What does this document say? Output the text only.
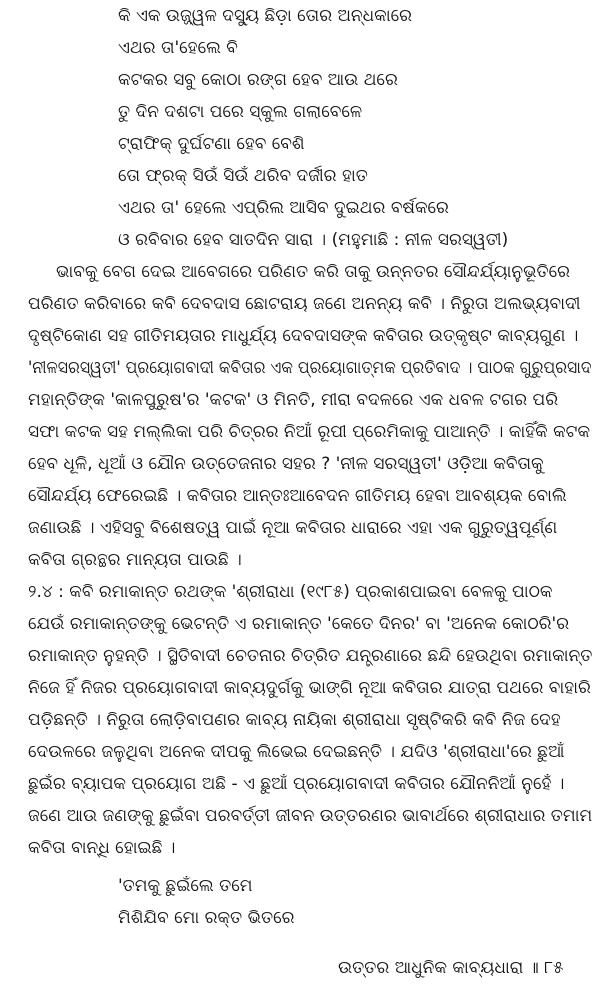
କି ଏକ ଉଜ୍ଜ୍ୱଳ ଦସ୍ୟୁ ଛିଡ଼ା ତୋର ଅନ୍ଧକାରେ
ଏଥର ତା'ହେଲେ ବି
କଟକର ସବୁ କୋଠା ରଙ୍ଗ ହେବ ଆଉ ଥରେ
ତୁ ଦିନ ଦଶଟା ପରେ ସ୍କୁଲ ଗଲାବେଳେ
ଟ୍ରାଫିକ୍ ଦୁର୍ଘଟଣା ହେବ ବେଶି
ତୋ ଫ୍ରକ୍ ସିଉଁ ସିଉଁ ଥରିବ ଦର୍ଜୀର ହାତ
ଏଥର ତା' ହେଲେ ଏପ୍ରିଲ ଆସିବ ଦୁଇଥର ବର୍ଷକରେ
ଓ ରବିବାର ହେବ ସାତଦିନ ସାରା । (ମହୁମାଛି : ନୀଳ ସରସ୍ୱତୀ)
ଭାବକୁ ବେଗ ଦେଇ ଆବେଗରେ ପରିଣତ କରି ତାକୁ ଉନ୍ନତର ସୌନ୍ଦର୍ଯ୍ୟାନୁଭୂତିରେ
ପରିଣତ କରିବାରେ କବି ଦେବଦାସ ଛୋଟରାୟ ଜଣେ ଅନନ୍ୟ କବି । ନିରୁତା ଅଲଭ୍ୟବାଦୀ
ଦୃଷ୍ଟିକୋଣ ସହ ଗୀତିମୟତାର ମାଧୁର୍ଯ୍ୟ ଦେବଦାସଙ୍କ କବିତାର ଉତ୍କୃଷ୍ଟ କାବ୍ୟଗୁଣ ।
'ନୀଳସରସ୍ୱତୀ' ପ୍ରୟୋଗବାଦୀ କବିତାର ଏକ ପ୍ରୟୋଗାତ୍ମକ ପ୍ରତିବାଦ । ପାଠକ ଗୁରୁପ୍ରସାଦ
ମହାନ୍ତିଙ୍କ 'କାଳପୁରୁଷ'ର 'କଟକ' ଓ ମିନତି, ମୀରା ବଦଳରେ ଏକ ଧବଳ ଟଗର ପରି
ସଫା କଟକ ସହ ମଲ୍ଲିକା ପରି ଚିତ୍ରର ନିଆଁ ରୂପୀ ପ୍ରେମିକାକୁ ପାଆନ୍ତି । କାହିଁକି କଟକ
ହେବ ଧୂଳି, ଧୂଆଁ ଓ ଯୌନ ଉତ୍ତେଜନାର ସହର ? 'ନୀଳ ସରସ୍ୱତୀ' ଓଡ଼ିଆ କବିତାକୁ
ସୌନ୍ଦର୍ଯ୍ୟ ଫେରେଇଛି । କବିତାର ଆନ୍ତଃଆବେଦନ ଗୀତିମୟ ହେବା ଆବଶ୍ୟକ ବୋଲି
ଜଣାଉଛି । ଏହିସବୁ ବିଶେଷତ୍ୱ ପାଇଁ ନୂଆ କବିତାର ଧାରାରେ ଏହା ଏକ ଗୁରୁତ୍ୱପୂର୍ଣ୍ଣ
କବିତା ଗ୍ରନ୍ଥର ମାନ୍ୟତା ପାଉଛି ।
୨.୪ : କବି ରମାକାନ୍ତ ରଥଙ୍କ 'ଶ୍ରୀରାଧା (୧୯୮୫) ପ୍ରକାଶପାଇବା ବେଳକୁ ପାଠକ
ଯେଉଁ ରମାକାନ୍ତଙ୍କୁ ଭେଟନ୍ତି ଏ ରମାକାନ୍ତ 'କେତେ ଦିନର' ବା 'ଅନେକ କୋଠରି'ର
ରମାକାନ୍ତ ନୁହନ୍ତି । ସ୍ଥିତିବାଦୀ ଚେତନାର ଚିତ୍ରିତ ଯନ୍ତ୍ରଣାରେ ଛନ୍ଦି ହେଉଥିବା ରମାକାନ୍ତ
ନିଜେ ହିଁ ନିଜର ପ୍ରୟୋଗବାଦୀ କାବ୍ୟଦୁର୍ଗକୁ ଭାଙ୍ଗି ନୂଆ କବିତାର ଯାତ୍ରା ପଥରେ ବାହାରି
ପଡ଼ିଛନ୍ତି । ନିରୁତା ଲୋଡ଼ିବାପଣର କାବ୍ୟ ନାୟିକା ଶ୍ରୀରାଧା ସୃଷ୍ଟିକରି କବି ନିଜ ଦେହ
ଦେଉଳରେ ଜଳୁଥିବା ଅନେକ ଦୀପକୁ ଲିଭେଇ ଦେଇଛନ୍ତି । ଯଦିଓ 'ଶ୍ରୀରାଧା'ରେ ଛୁଆଁ
ଛୁଇଁର ବ୍ୟାପକ ପ୍ରୟୋଗ ଅଛି - ଏ ଛୁଆଁ ପ୍ରୟୋଗବାଦୀ କବିତାର ଯୌନନିଆଁ ନୁହେଁ ।
ଜଣେ ଆଉ ଜଣଙ୍କୁ ଛୁଇଁବା ପରବର୍ତ୍ତୀ ଜୀବନ ଉତ୍ତରଣର ଭାବାର୍ଥରେ ଶ୍ରୀରାଧାର ତମାମ
କବିତା ବାନ୍ଧି ହୋଇଛି ।
'ତମକୁ ଛୁଇଁଲେ ତମେ
ମିଶିଯିବ ମୋ ରକ୍ତ ଭିତରେ
ଉତ୍ତର ଆଧୁନିକ କାବ୍ୟଧାରା ॥ ୮୫
